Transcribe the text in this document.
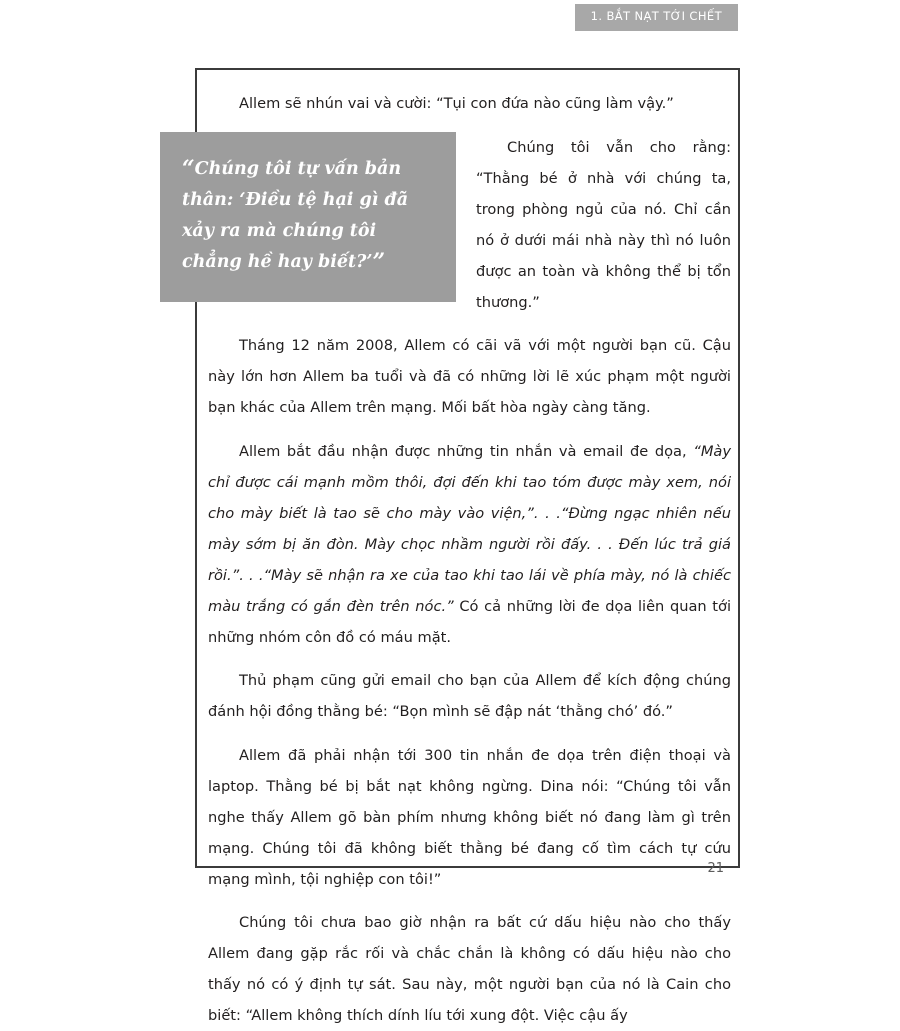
1. BẮT NẠT TỚI CHẾT

Allem sẽ nhún vai và cười: “Tụi con đứa nào cũng làm vậy.”

“Chúng tôi tự vấn bản thân: ‘Điều tệ hại gì đã xảy ra mà chúng tôi chẳng hề hay biết?’”
Chúng tôi vẫn cho rằng: “Thằng bé ở nhà với chúng ta, trong phòng ngủ của nó. Chỉ cần nó ở dưới mái nhà này thì nó luôn được an toàn và không thể bị tổn thương.”

Tháng 12 năm 2008, Allem có cãi vã với một người bạn cũ. Cậu này lớn hơn Allem ba tuổi và đã có những lời lẽ xúc phạm một người bạn khác của Allem trên mạng. Mối bất hòa ngày càng tăng.

Allem bắt đầu nhận được những tin nhắn và email đe dọa, “Mày chỉ được cái mạnh mồm thôi, đợi đến khi tao tóm được mày xem, nói cho mày biết là tao sẽ cho mày vào viện,”. . .“Đừng ngạc nhiên nếu mày sớm bị ăn đòn. Mày chọc nhầm người rồi đấy. . . Đến lúc trả giá rồi.”. . .“Mày sẽ nhận ra xe của tao khi tao lái về phía mày, nó là chiếc màu trắng có gắn đèn trên nóc.” Có cả những lời đe dọa liên quan tới những nhóm côn đồ có máu mặt.

Thủ phạm cũng gửi email cho bạn của Allem để kích động chúng đánh hội đồng thằng bé: “Bọn mình sẽ đập nát ‘thằng chó’ đó.”

Allem đã phải nhận tới 300 tin nhắn đe dọa trên điện thoại và laptop. Thằng bé bị bắt nạt không ngừng. Dina nói: “Chúng tôi vẫn nghe thấy Allem gõ bàn phím nhưng không biết nó đang làm gì trên mạng. Chúng tôi đã không biết thằng bé đang cố tìm cách tự cứu mạng mình, tội nghiệp con tôi!”

Chúng tôi chưa bao giờ nhận ra bất cứ dấu hiệu nào cho thấy Allem đang gặp rắc rối và chắc chắn là không có dấu hiệu nào cho thấy nó có ý định tự sát. Sau này, một người bạn của nó là Cain cho biết: “Allem không thích dính líu tới xung đột. Việc cậu ấy

21
